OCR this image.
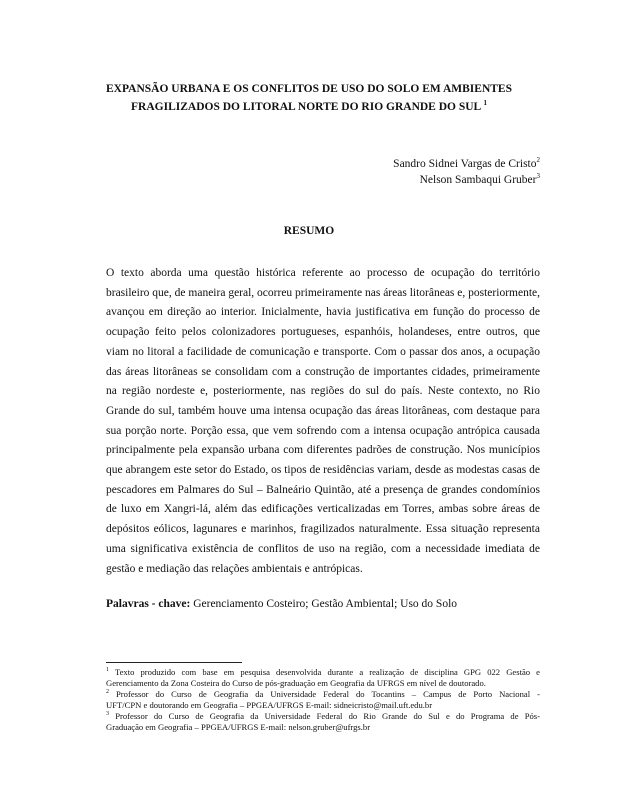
EXPANSÃO URBANA E OS CONFLITOS DE USO DO SOLO EM AMBIENTES
FRAGILIZADOS DO LITORAL NORTE DO RIO GRANDE DO SUL $^1$
Sandro Sidnei Vargas de Cristo$^2$
Nelson Sambaqui Gruber$^3$
RESUMO
O texto aborda uma questão histórica referente ao processo de ocupação do território
brasileiro que, de maneira geral, ocorreu primeiramente nas áreas litorâneas e, posteriormente,
avançou em direção ao interior. Inicialmente, havia justificativa em função do processo de
ocupação feito pelos colonizadores portugueses, espanhóis, holandeses, entre outros, que
viam no litoral a facilidade de comunicação e transporte. Com o passar dos anos, a ocupação
das áreas litorâneas se consolidam com a construção de importantes cidades, primeiramente
na região nordeste e, posteriormente, nas regiões do sul do país. Neste contexto, no Rio
Grande do sul, também houve uma intensa ocupação das áreas litorâneas, com destaque para
sua porção norte. Porção essa, que vem sofrendo com a intensa ocupação antrópica causada
principalmente pela expansão urbana com diferentes padrões de construção. Nos municípios
que abrangem este setor do Estado, os tipos de residências variam, desde as modestas casas de
pescadores em Palmares do Sul – Balneário Quintão, até a presença de grandes condomínios
de luxo em Xangri-lá, além das edificações verticalizadas em Torres, ambas sobre áreas de
depósitos eólicos, lagunares e marinhos, fragilizados naturalmente. Essa situação representa
uma significativa existência de conflitos de uso na região, com a necessidade imediata de
gestão e mediação das relações ambientais e antrópicas.
Palavras - chave: Gerenciamento Costeiro; Gestão Ambiental; Uso do Solo
$^1$ Texto produzido com base em pesquisa desenvolvida durante a realização de disciplina GPG 022 Gestão e
Gerenciamento da Zona Costeira do Curso de pós-graduação em Geografia da UFRGS em nível de doutorado.
$^2$ Professor do Curso de Geografia da Universidade Federal do Tocantins – Campus de Porto Nacional -
UFT/CPN e doutorando em Geografia – PPGEA/UFRGS E-mail: sidneicristo@mail.uft.edu.br
$^3$ Professor do Curso de Geografia da Universidade Federal do Rio Grande do Sul e do Programa de Pós-
Graduação em Geografia – PPGEA/UFRGS E-mail: nelson.gruber@ufrgs.br
